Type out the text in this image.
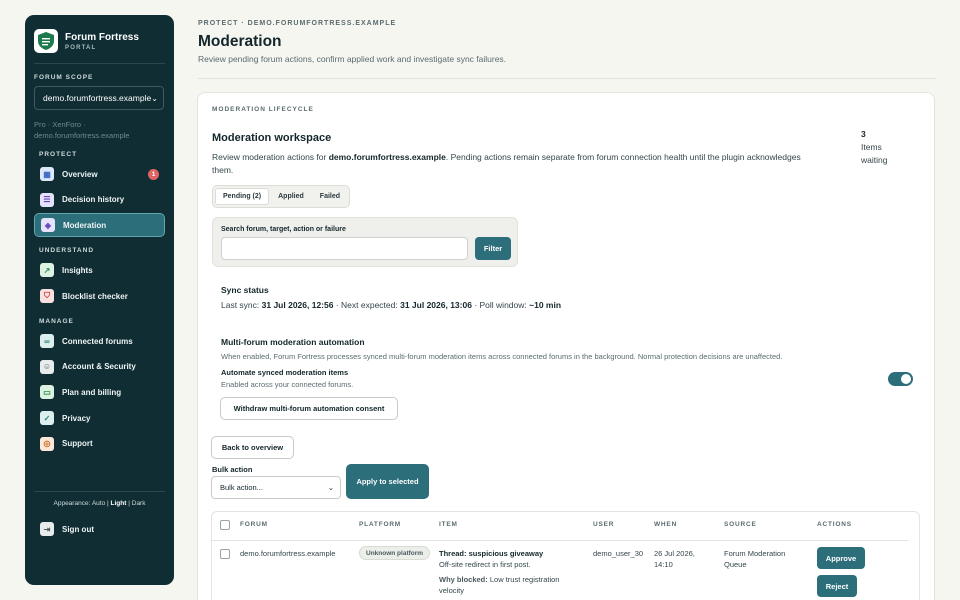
Forum Fortress
PORTAL
FORUM SCOPE
demo.forumfortress.example ⌄
Pro · XenForo ·
demo.forumfortress.example
PROTECT
▦	Overview	1
☰	Decision history
◈	Moderation
UNDERSTAND
↗	Insights
⛉	Blocklist checker
MANAGE
∞	Connected forums
☺	Account & Security
▭	Plan and billing
✓	Privacy
◎	Support
Appearance: Auto | Light | Dark
⇥	Sign out
PROTECT · DEMO.FORUMFORTRESS.EXAMPLE
Moderation
Review pending forum actions, confirm applied work and investigate sync failures.
MODERATION LIFECYCLE
Moderation workspace
Review moderation actions for demo.forumfortress.example. Pending actions remain separate from forum connection health until the plugin acknowledges them.
3
Items
waiting
Pending (2)	Applied	Failed
Search forum, target, action or failure
Filter
Sync status
Last sync: 31 Jul 2026, 12:56 · Next expected: 31 Jul 2026, 13:06 · Poll window: ~10 min
Multi-forum moderation automation
When enabled, Forum Fortress processes synced multi-forum moderation items across connected forums in the background. Normal protection decisions are unaffected.
Automate synced moderation items
Enabled across your connected forums.
Withdraw multi-forum automation consent
Back to overview
Bulk action
Bulk action...	⌄
Apply to selected
FORUM	PLATFORM	ITEM	USER	WHEN	SOURCE	ACTIONS
demo.forumfortress.example	Unknown platform	Thread: suspicious giveaway
Off-site redirect in first post.
Why blocked: Low trust registration velocity
demo_user_30 26 Jul 2026,
14:10
Forum Moderation
Queue
Approve
Reject
